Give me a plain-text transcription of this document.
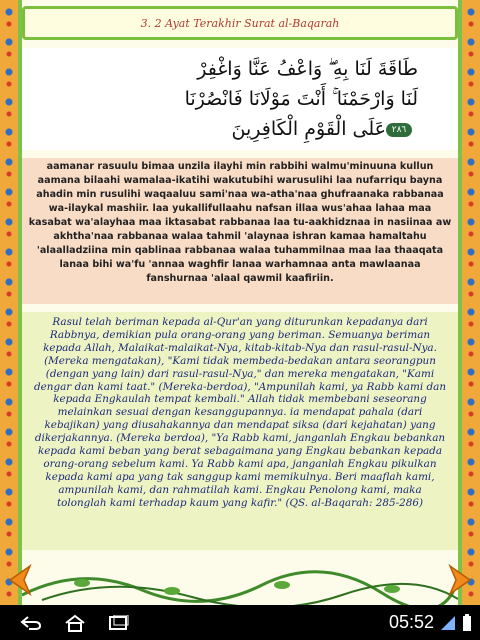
3. 2 Ayat Terakhir Surat al-Baqarah
طَاقَةَ لَنَا بِهِ ۖ وَاعْفُ عَنَّا وَاغْفِرْ
لَنَا وَارْحَمْنَا ۚ أَنْتَ مَوْلَانَا فَانْصُرْنَا
٢٨٦عَلَى الْقَوْمِ الْكَافِرِينَ
aamanar rasuulu bimaa unzila ilayhi min rabbihi walmu'minuuna kullun aamana bilaahi wamalaa-ikatihi wakutubihi warusulihi laa nufarriqu bayna ahadin min rusulihi waqaaluu sami'naa wa-atha'naa ghufraanaka rabbanaa wa-ilaykal mashiir. laa yukallifullaahu nafsan illaa wus'ahaa lahaa maa kasabat wa'alayhaa maa iktasabat rabbanaa laa tu-aakhidznaa in nasiinaa aw akhtha'naa rabbanaa walaa tahmil 'alaynaa ishran kamaa hamaltahu 'alaalladziina min qablinaa rabbanaa walaa tuhammilnaa maa laa thaaqata lanaa bihi wa'fu 'annaa waghfir lanaa warhamnaa anta mawlaanaa fanshurnaa 'alaal qawmil kaafiriin.
Rasul telah beriman kepada al-Qur'an yang diturunkan kepadanya dari Rabbnya, demikian pula orang-orang yang beriman. Semuanya beriman kepada Allah, Malaikat-malaikat-Nya, kitab-kitab-Nya dan rasul-rasul-Nya. (Mereka mengatakan), "Kami tidak membeda-bedakan antara seorangpun (dengan yang lain) dari rasul-rasul-Nya," dan mereka mengatakan, "Kami dengar dan kami taat." (Mereka-berdoa), "Ampunilah kami, ya Rabb kami dan kepada Engkaulah tempat kembali." Allah tidak membebani seseorang melainkan sesuai dengan kesanggupannya. ia mendapat pahala (dari kebajikan) yang diusahakannya dan mendapat siksa (dari kejahatan) yang dikerjakannya. (Mereka berdoa), "Ya Rabb kami, janganlah Engkau bebankan kepada kami beban yang berat sebagaimana yang Engkau bebankan kepada orang-orang sebelum kami. Ya Rabb kami apa, janganlah Engkau pikulkan kepada kami apa yang tak sanggup kami memikulnya. Beri maaflah kami, ampunilah kami, dan rahmatilah kami. Engkau Penolong kami, maka tolonglah kami terhadap kaum yang kafir." (QS. al-Baqarah: 285-286)
05:52
